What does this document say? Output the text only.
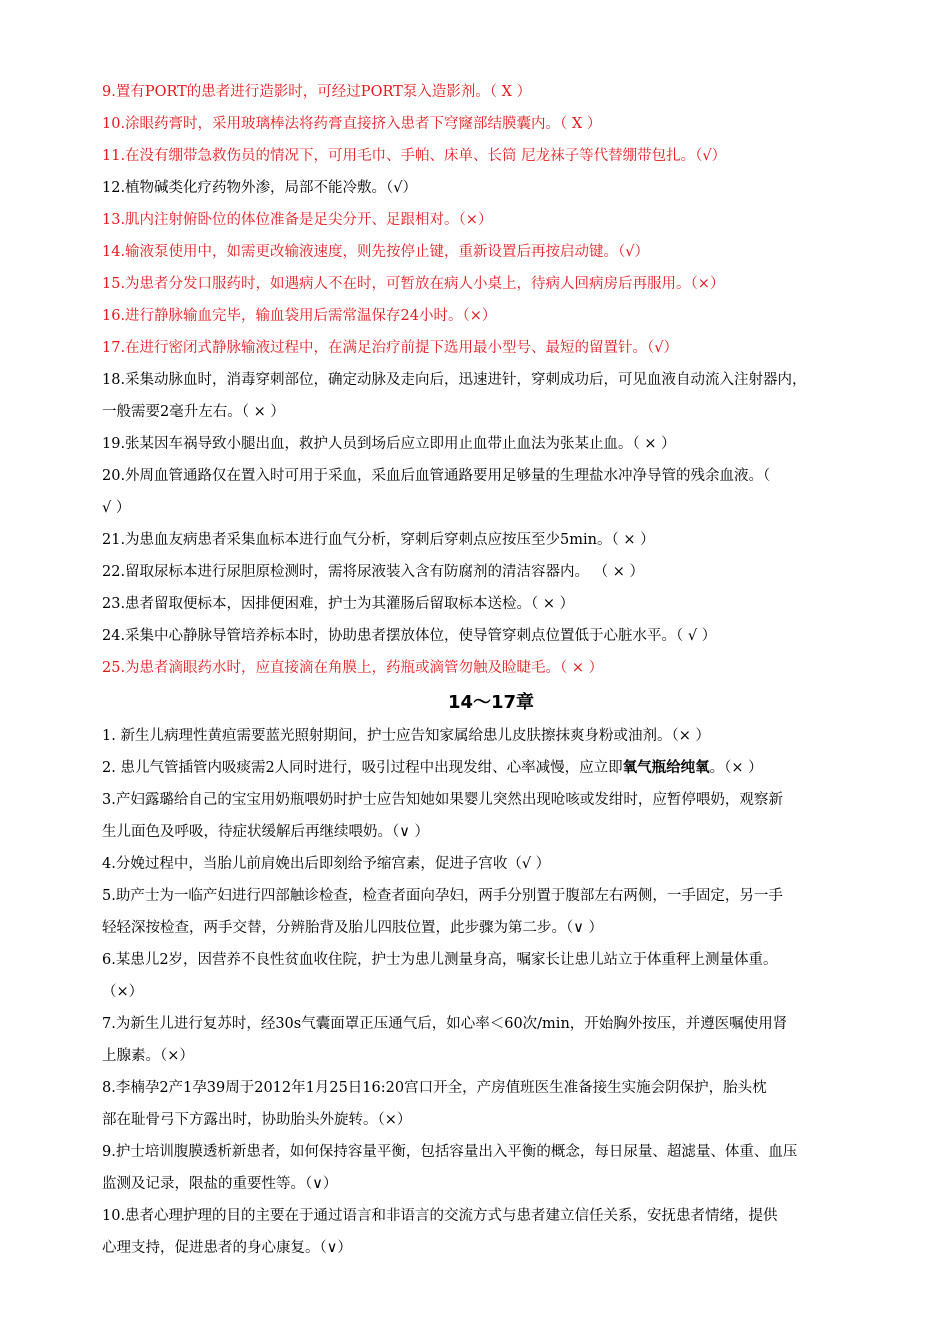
9.置有PORT的患者进行造影时，可经过PORT泵入造影剂。（ X ）
10.涂眼药膏时，采用玻璃棒法将药膏直接挤入患者下穹窿部结膜囊内。（ X ）
11.在没有绷带急救伤员的情况下，可用毛巾、手帕、床单、长筒 尼龙袜子等代替绷带包扎。（√）
12.植物碱类化疗药物外渗，局部不能冷敷。（√）
13.肌内注射俯卧位的体位准备是足尖分开、足跟相对。（×）
14.输液泵使用中，如需更改输液速度，则先按停止键，重新设置后再按启动键。（√）
15.为患者分发口服药时，如遇病人不在时，可暂放在病人小桌上，待病人回病房后再服用。（×）
16.进行静脉输血完毕，输血袋用后需常温保存24小时。（×）
17.在进行密闭式静脉输液过程中，在满足治疗前提下选用最小型号、最短的留置针。（√）
18.采集动脉血时，消毒穿刺部位，确定动脉及走向后，迅速进针，穿刺成功后，可见血液自动流入注射器内，
一般需要2毫升左右。（ × ）
19.张某因车祸导致小腿出血，救护人员到场后应立即用止血带止血法为张某止血。（ × ）
20.外周血管通路仅在置入时可用于采血，采血后血管通路要用足够量的生理盐水冲净导管的残余血液。（
√ ）
21.为患血友病患者采集血标本进行血气分析，穿刺后穿刺点应按压至少5min。（ × ）
22.留取尿标本进行尿胆原检测时，需将尿液装入含有防腐剂的清洁容器内。 （ × ）
23.患者留取便标本，因排便困难，护士为其灌肠后留取标本送检。（ × ）
24.采集中心静脉导管培养标本时，协助患者摆放体位，使导管穿刺点位置低于心脏水平。（ √ ）
25.为患者滴眼药水时，应直接滴在角膜上，药瓶或滴管勿触及睑睫毛。（ × ）
14～17章
1. 新生儿病理性黄疸需要蓝光照射期间，护士应告知家属给患儿皮肤擦抹爽身粉或油剂。（× ）
2. 患儿气管插管内吸痰需2人同时进行，吸引过程中出现发绀、心率减慢，应立即氧气瓶给纯氧。（× ）
3.产妇露璐给自己的宝宝用奶瓶喂奶时护士应告知她如果婴儿突然出现呛咳或发绀时，应暂停喂奶，观察新
生儿面色及呼吸，待症状缓解后再继续喂奶。（∨ ）
4.分娩过程中，当胎儿前肩娩出后即刻给予缩宫素，促进子宫收（√ ）
5.助产士为一临产妇进行四部触诊检查，检查者面向孕妇，两手分别置于腹部左右两侧，一手固定，另一手
轻轻深按检查，两手交替，分辨胎背及胎儿四肢位置，此步骤为第二步。（∨ ）
6.某患儿2岁，因营养不良性贫血收住院，护士为患儿测量身高，嘱家长让患儿站立于体重秤上测量体重。
（×）
7.为新生儿进行复苏时，经30s气囊面罩正压通气后，如心率＜60次/min，开始胸外按压，并遵医嘱使用肾
上腺素。（×）
8.李楠孕2产1孕39周于2012年1月25日16:20宫口开全，产房值班医生准备接生实施会阴保护，胎头枕
部在耻骨弓下方露出时，协助胎头外旋转。（×）
9.护士培训腹膜透析新患者，如何保持容量平衡，包括容量出入平衡的概念，每日尿量、超滤量、体重、血压
监测及记录，限盐的重要性等。（∨）
10.患者心理护理的目的主要在于通过语言和非语言的交流方式与患者建立信任关系，安抚患者情绪，提供
心理支持，促进患者的身心康复。（∨）
